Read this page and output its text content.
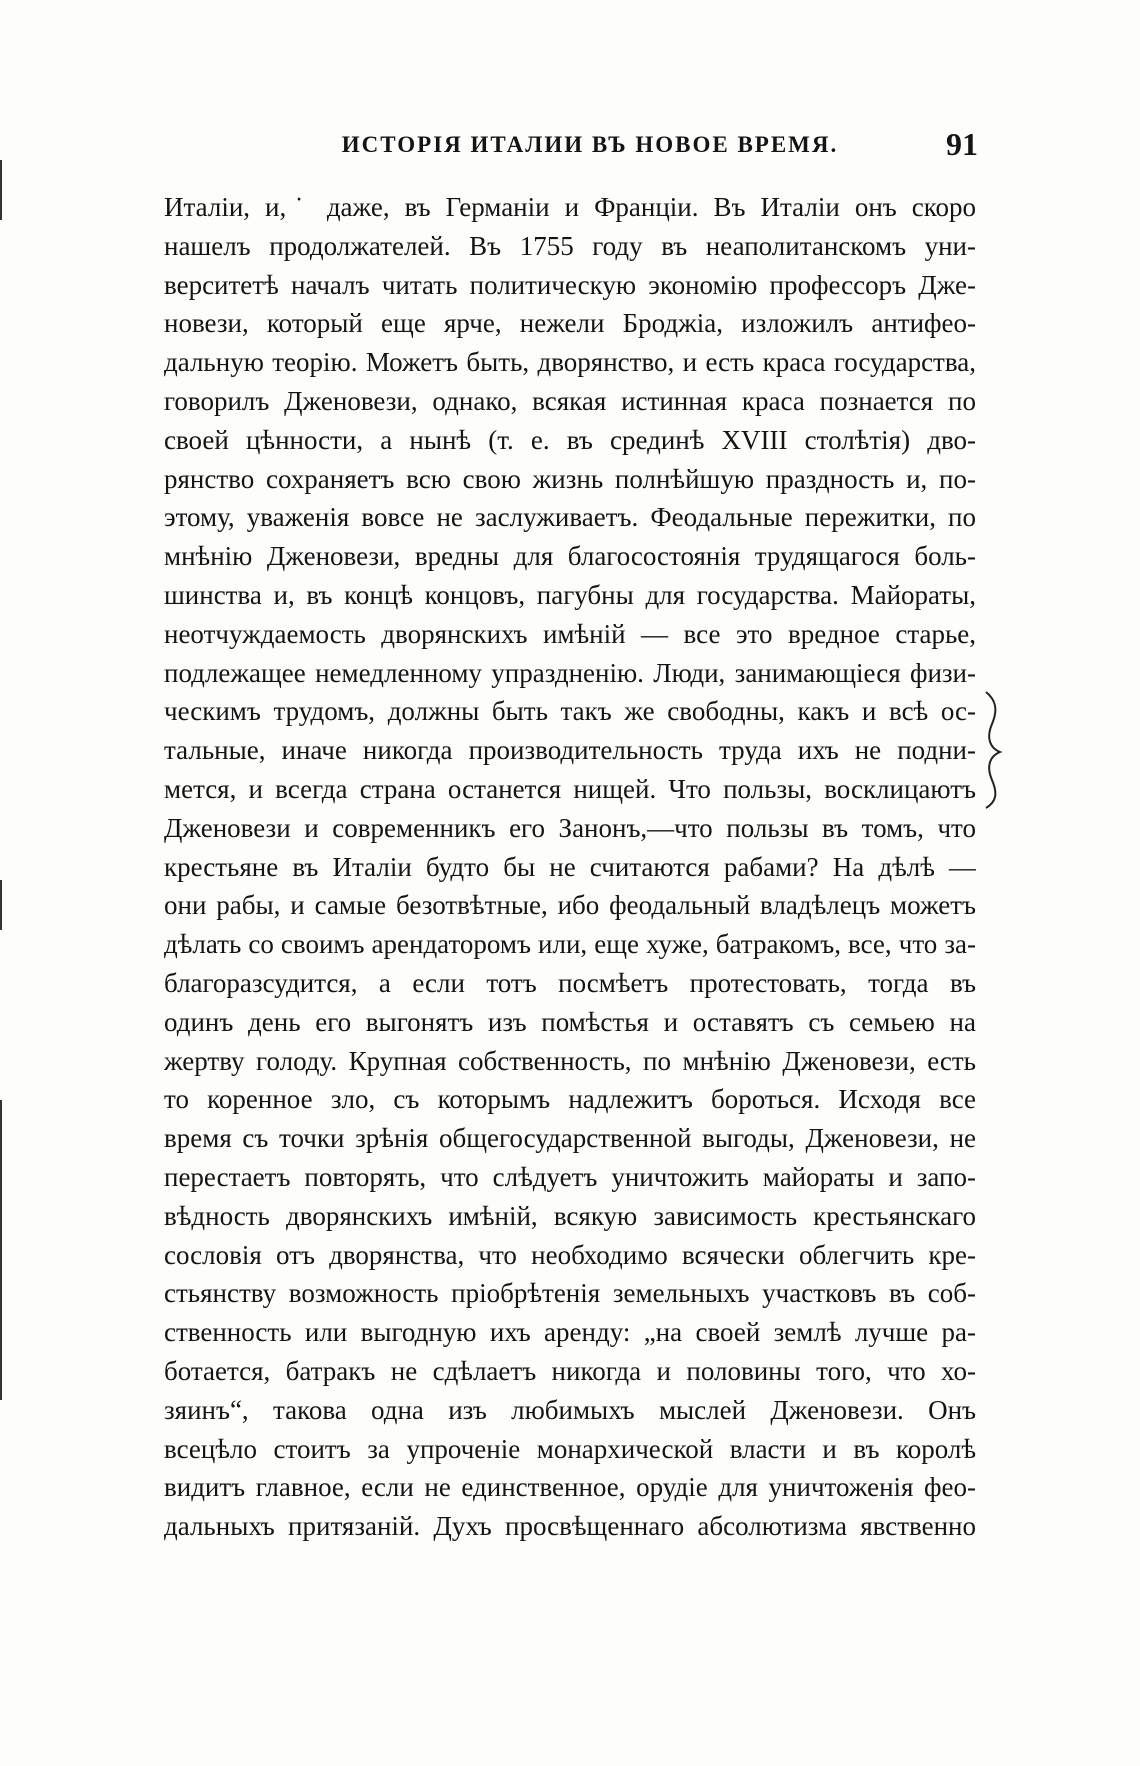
ИСТОРІЯ ИТАЛИИ ВЪ НОВОЕ ВРЕМЯ.	91
Италіи, и,˙ даже, въ Германіи и Франціи. Въ Италіи онъ скоро
нашелъ продолжателей. Въ 1755 году въ неаполитанскомъ уни-
верситетѣ началъ читать политическую экономію профессоръ Дже-
новези, который еще ярче, нежели Броджіа, изложилъ антифео-
дальную теорію. Можетъ быть, дворянство, и есть краса государства,
говорилъ Дженовези, однако, всякая истинная краса познается по
своей цѣнности, а нынѣ (т. е. въ срединѣ XVIII столѣтія) дво-
рянство сохраняетъ всю свою жизнь полнѣйшую праздность и, по-
этому, уваженія вовсе не заслуживаетъ. Феодальные пережитки, по
мнѣнію Дженовези, вредны для благосостоянія трудящагося боль-
шинства и, въ концѣ концовъ, пагубны для государства. Майораты,
неотчуждаемость дворянскихъ имѣній — все это вредное старье,
подлежащее немедленному упраздненію. Люди, занимающіеся физи-
ческимъ трудомъ, должны быть такъ же свободны, какъ и всѣ ос-
тальные, иначе никогда производительность труда ихъ не подни-
мется, и всегда страна останется нищей. Что пользы, восклицаютъ
Дженовези и современникъ его Занонъ,—что пользы въ томъ, что
крестьяне въ Италіи будто бы не считаются рабами? На дѣлѣ —
они рабы, и самые безотвѣтные, ибо феодальный владѣлецъ можетъ
дѣлать со своимъ арендаторомъ или, еще хуже, батракомъ, все, что за-
благоразсудится, а если тотъ посмѣетъ протестовать, тогда въ
одинъ день его выгонятъ изъ помѣстья и оставятъ съ семьею на
жертву голоду. Крупная собственность, по мнѣнію Дженовези, есть
то коренное зло, съ которымъ надлежитъ бороться. Исходя все
время съ точки зрѣнія общегосударственной выгоды, Дженовези, не
перестаетъ повторять, что слѣдуетъ уничтожить майораты и запо-
вѣдность дворянскихъ имѣній, всякую зависимость крестьянскаго
сословія отъ дворянства, что необходимо всячески облегчить кре-
стьянству возможность пріобрѣтенія земельныхъ участковъ въ соб-
ственность или выгодную ихъ аренду: „на своей землѣ лучше ра-
ботается, батракъ не сдѣлаетъ никогда и половины того, что хо-
зяинъ“, такова одна изъ любимыхъ мыслей Дженовези. Онъ
всецѣло стоитъ за упроченіе монархической власти и въ королѣ
видитъ главное, если не единственное, орудіе для уничтоженія фео-
дальныхъ притязаній. Духъ просвѣщеннаго абсолютизма явственно
